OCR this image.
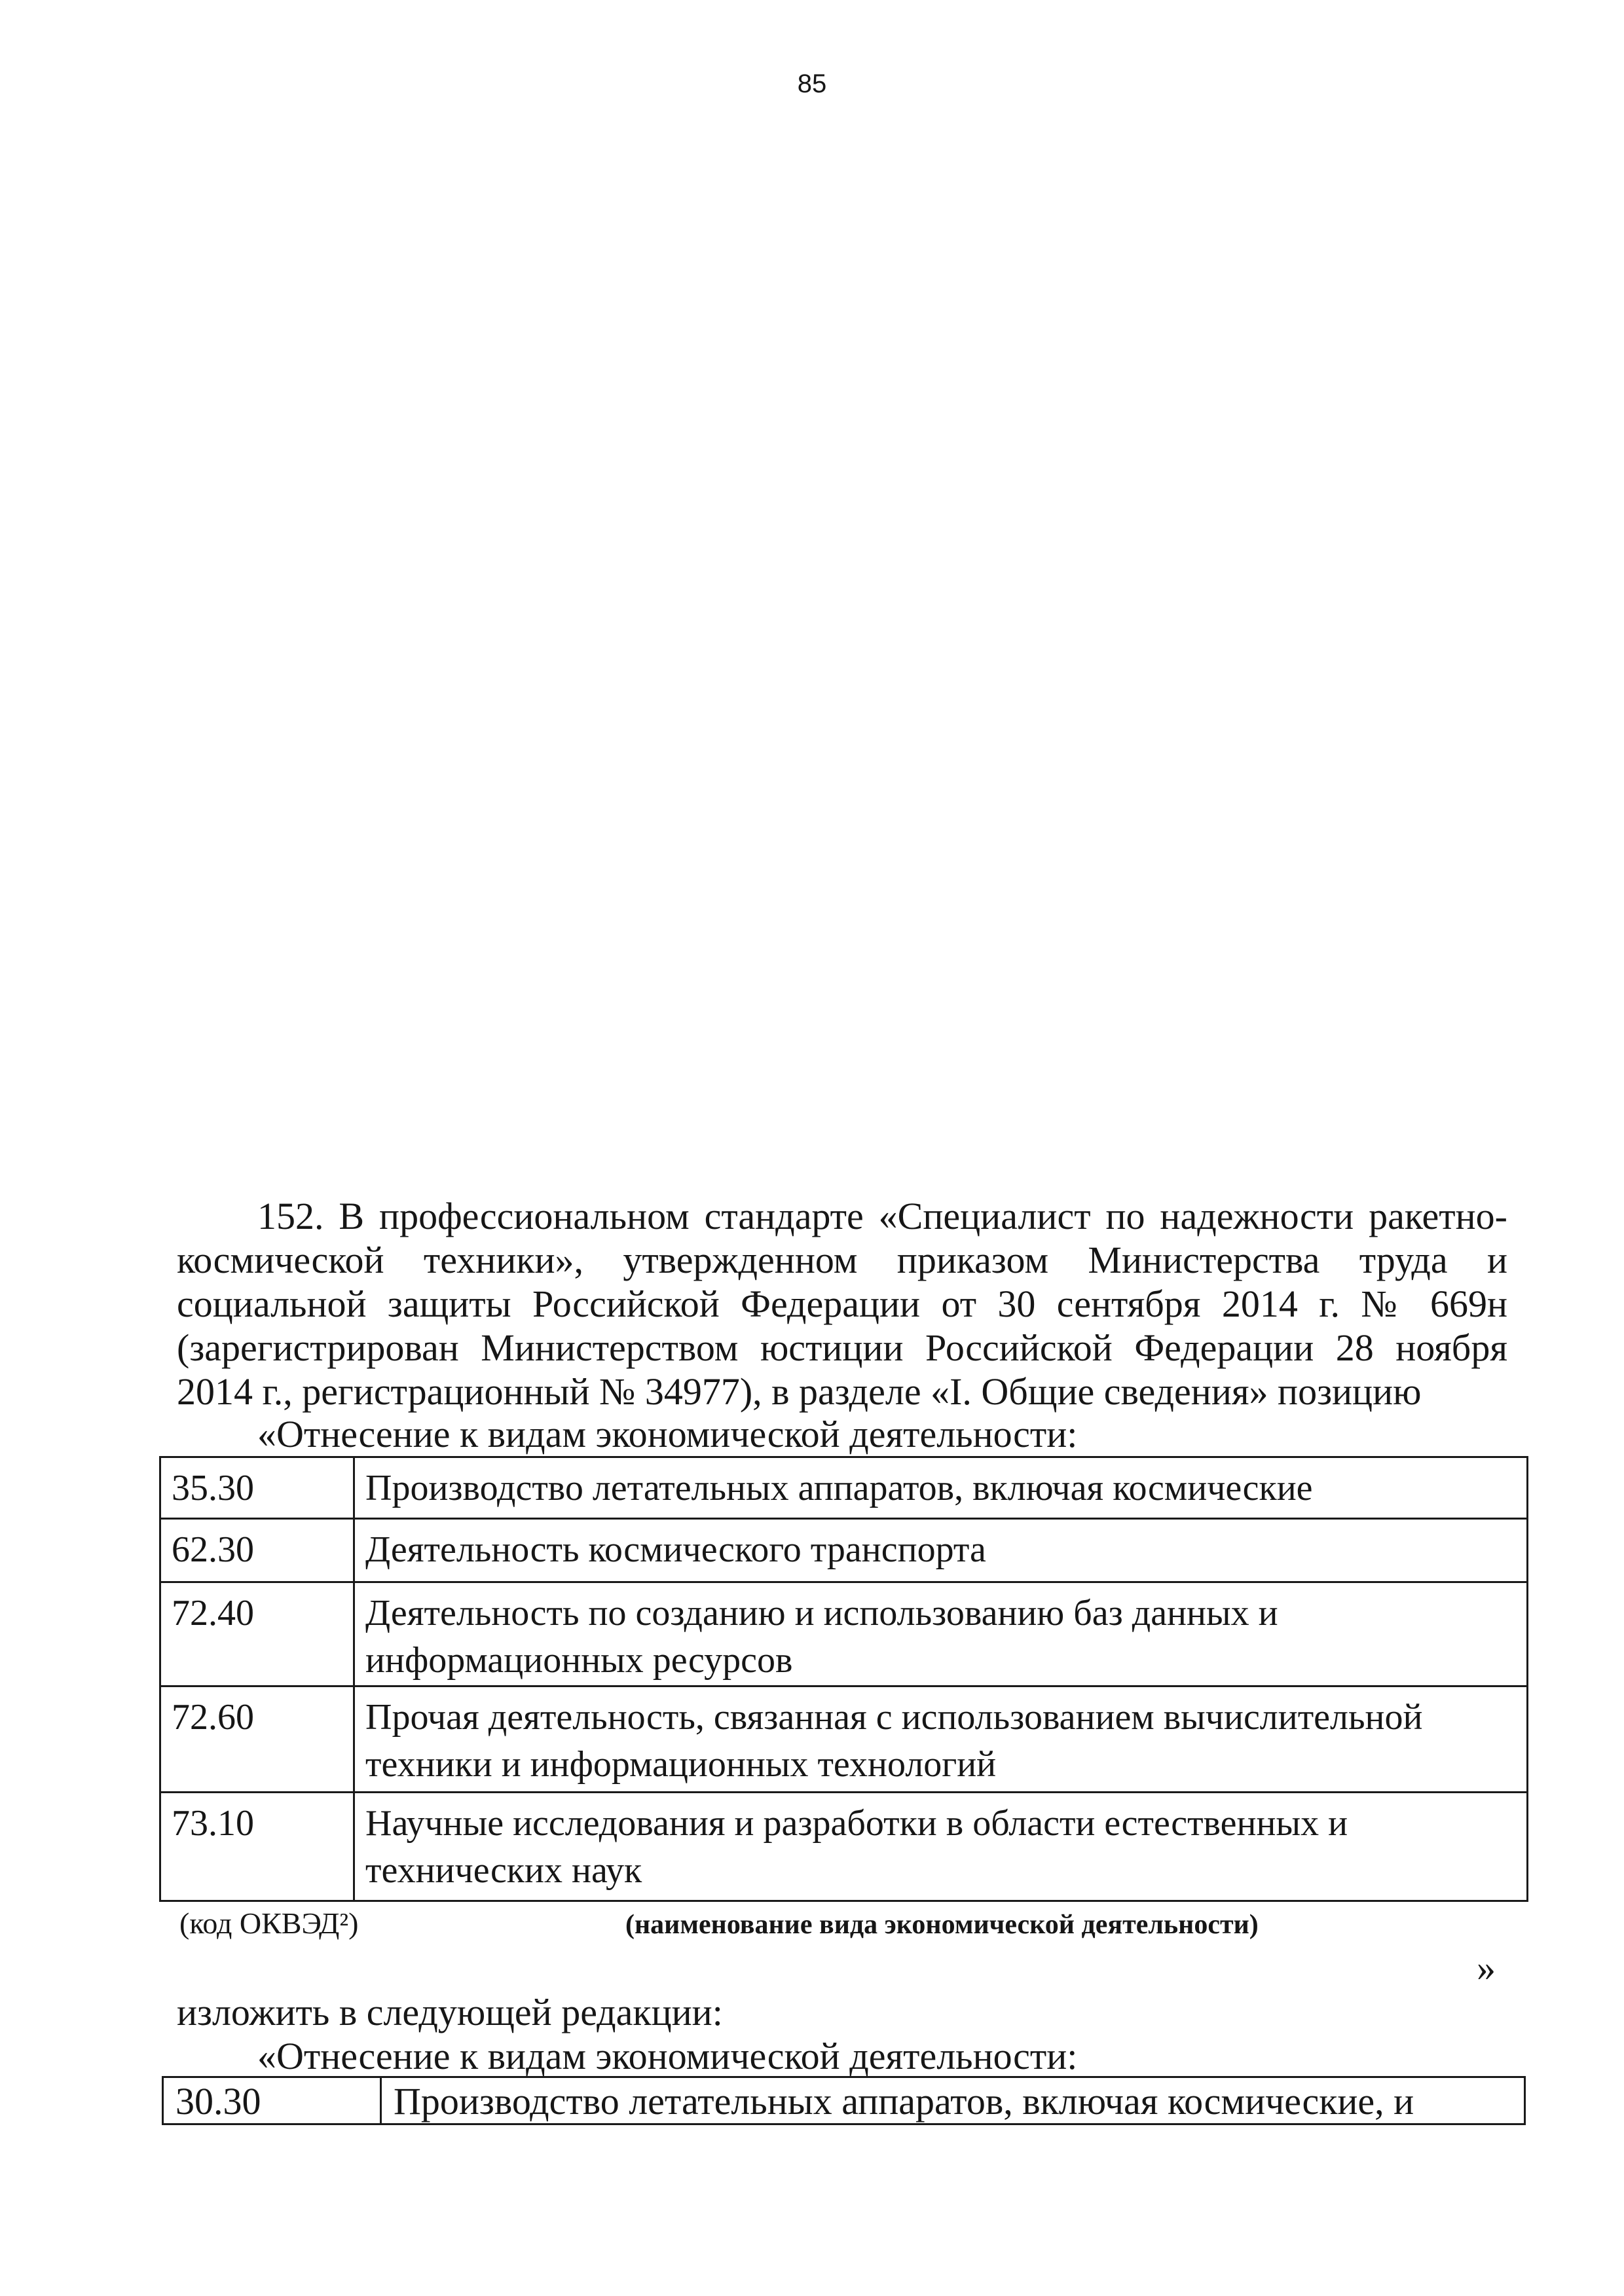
85
152. В профессиональном стандарте «Специалист по надежности ракетно-
космической техники», утвержденном приказом Министерства труда и
социальной защиты Российской Федерации от 30 сентября 2014 г. № 669н
(зарегистрирован Министерством юстиции Российской Федерации 28 ноября
2014 г., регистрационный № 34977), в разделе «I. Общие сведения» позицию
«Отнесение к видам экономической деятельности:
35.30	Производство летательных аппаратов, включая космические

62.30	Деятельность космического транспорта

72.40	Деятельность по созданию и использованию баз данных и
информационных ресурсов

72.60	Прочая деятельность, связанная с использованием вычислительной
техники и информационных технологий

73.10	Научные исследования и разработки в области естественных и
технических наук
(код ОКВЭД²)	(наименование вида экономической деятельности)
»
изложить в следующей редакции:
«Отнесение к видам экономической деятельности:
30.30	Производство летательных аппаратов, включая космические, и
